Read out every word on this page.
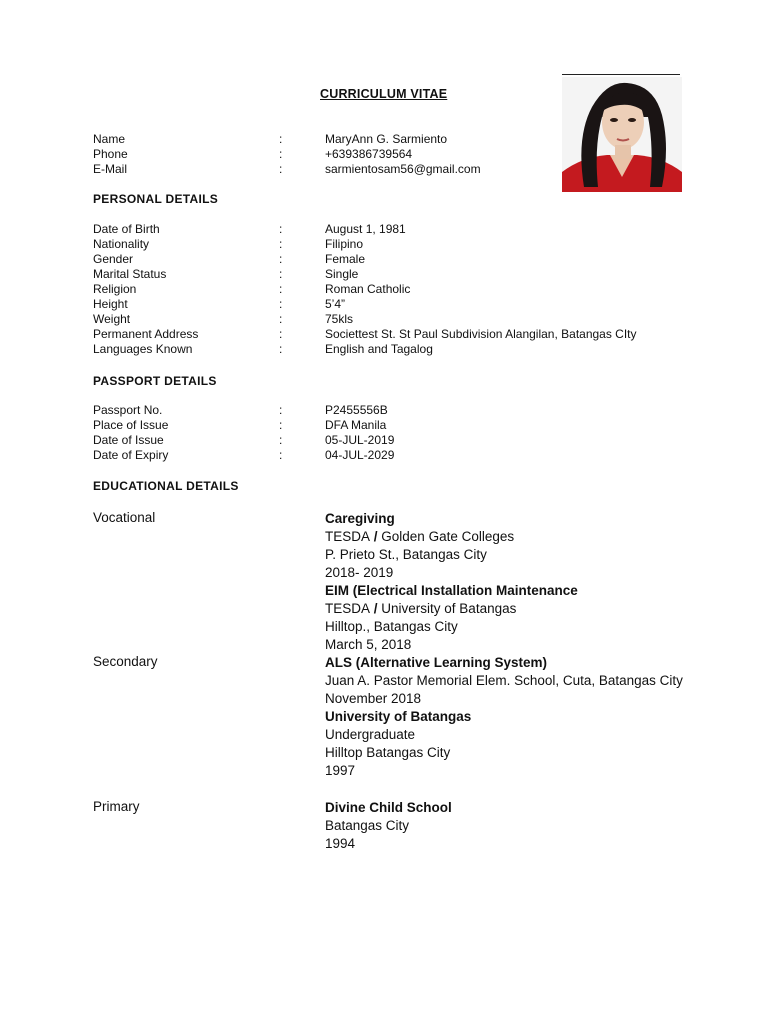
CURRICULUM VITAE
Name	:	MaryAnn G. Sarmiento
Phone	:	+639386739564
E-Mail	:	sarmientosam56@gmail.com
PERSONAL DETAILS
Date of Birth	:	August 1, 1981
Nationality	:	Filipino
Gender	:	Female
Marital Status	:	Single
Religion	:	Roman Catholic
Height	:	5’4”
Weight	:	75kls
Permanent Address	:	Societtest St. St Paul Subdivision Alangilan, Batangas CIty
Languages Known	:	English and Tagalog
PASSPORT DETAILS
Passport No.	:	P2455556B
Place of Issue	:	DFA Manila
Date of Issue	:	05-JUL-2019
Date of Expiry	:	04-JUL-2029
EDUCATIONAL DETAILS
Vocational	Caregiving
TESDA / Golden Gate Colleges
P. Prieto St., Batangas City
2018- 2019
EIM (Electrical Installation Maintenance
TESDA / University of Batangas
Hilltop., Batangas City
March 5, 2018
Secondary	ALS (Alternative Learning System)
Juan A. Pastor Memorial Elem. School, Cuta, Batangas City
November 2018
University of Batangas
Undergraduate
Hilltop Batangas City
1997
Primary	Divine Child School
Batangas City
1994
